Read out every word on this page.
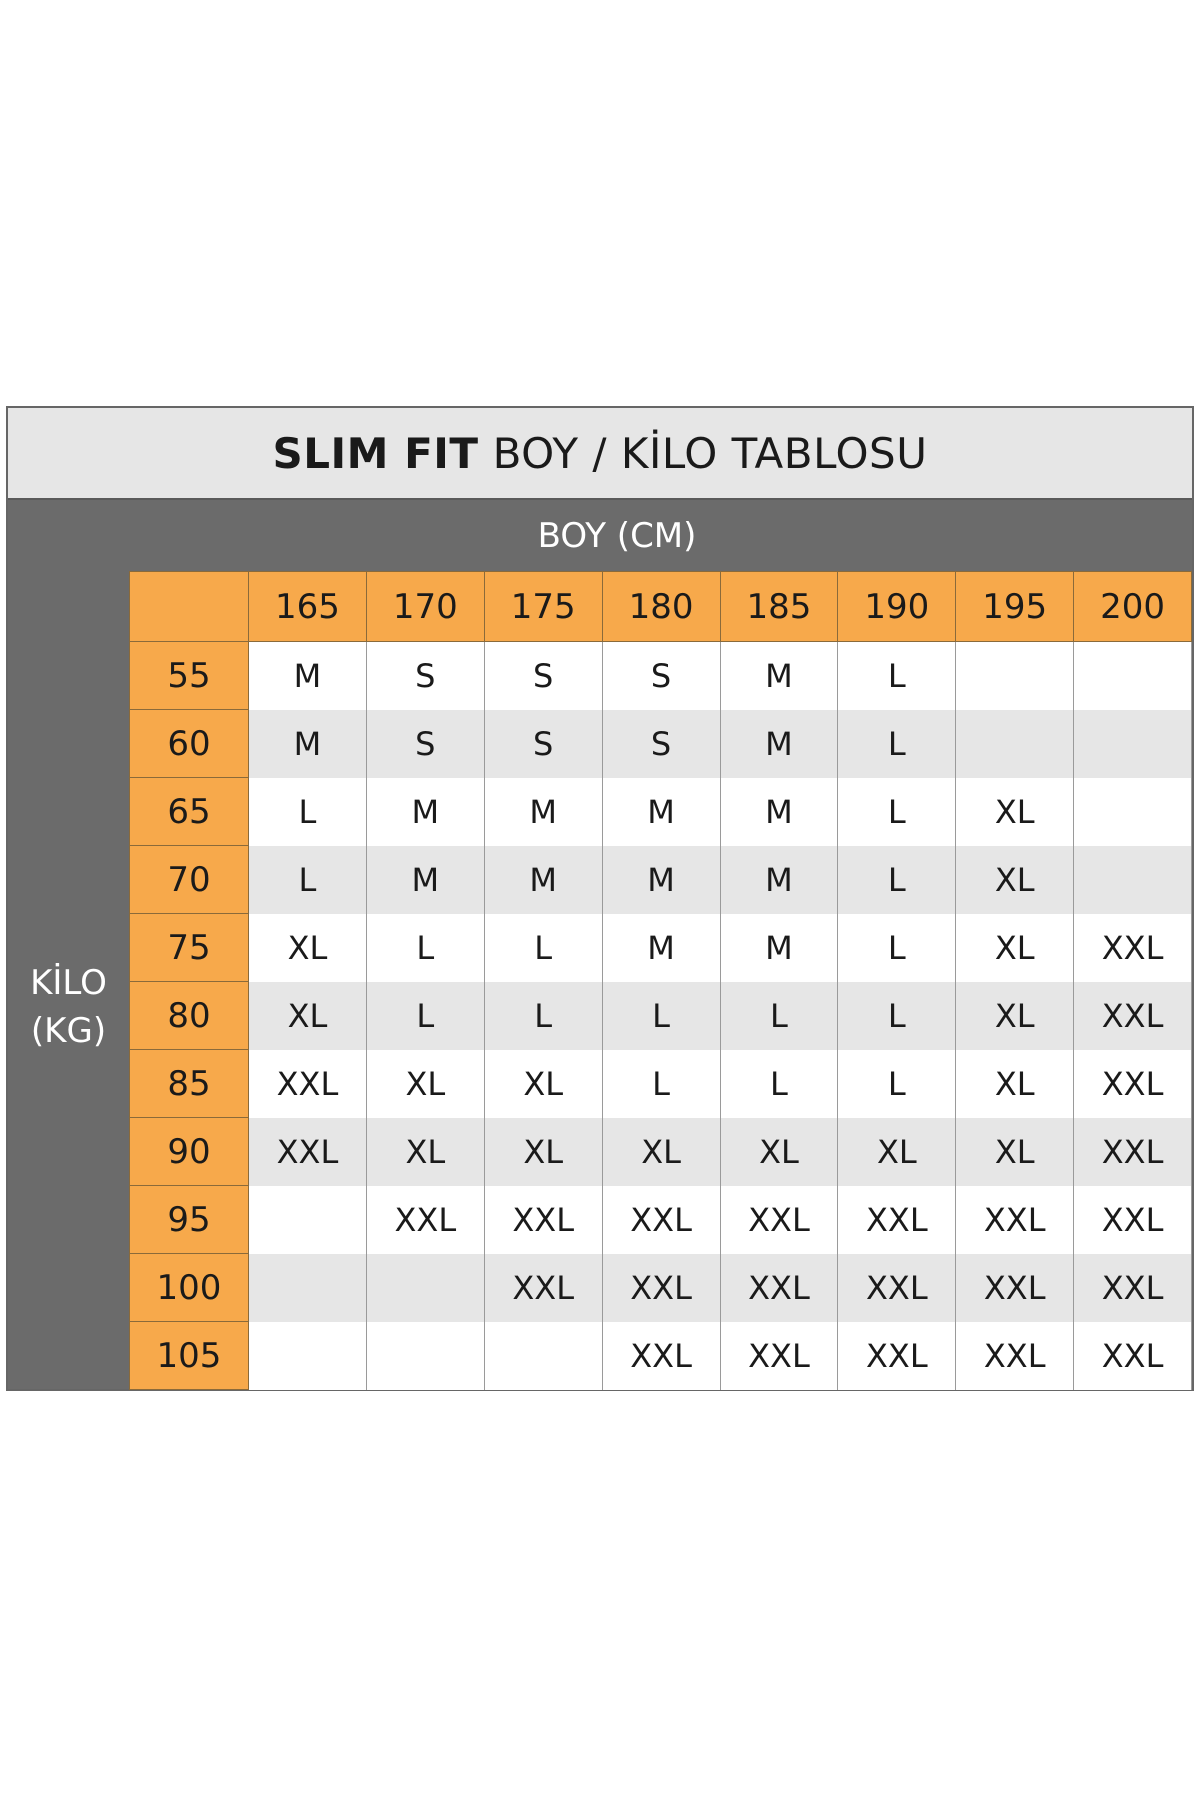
SLIM FIT BOY / KİLO TABLOSU
BOY (CM)
KİLO
(KG)
	165	170	175	180	185	190	195	200
55	M	S	S	S	M	L		
60	M	S	S	S	M	L		
65	L	M	M	M	M	L	XL	
70	L	M	M	M	M	L	XL	
75	XL	L	L	M	M	L	XL	XXL
80	XL	L	L	L	L	L	XL	XXL
85	XXL	XL	XL	L	L	L	XL	XXL
90	XXL	XL	XL	XL	XL	XL	XL	XXL
95		XXL	XXL	XXL	XXL	XXL	XXL	XXL
100			XXL	XXL	XXL	XXL	XXL	XXL
105				XXL	XXL	XXL	XXL	XXL
